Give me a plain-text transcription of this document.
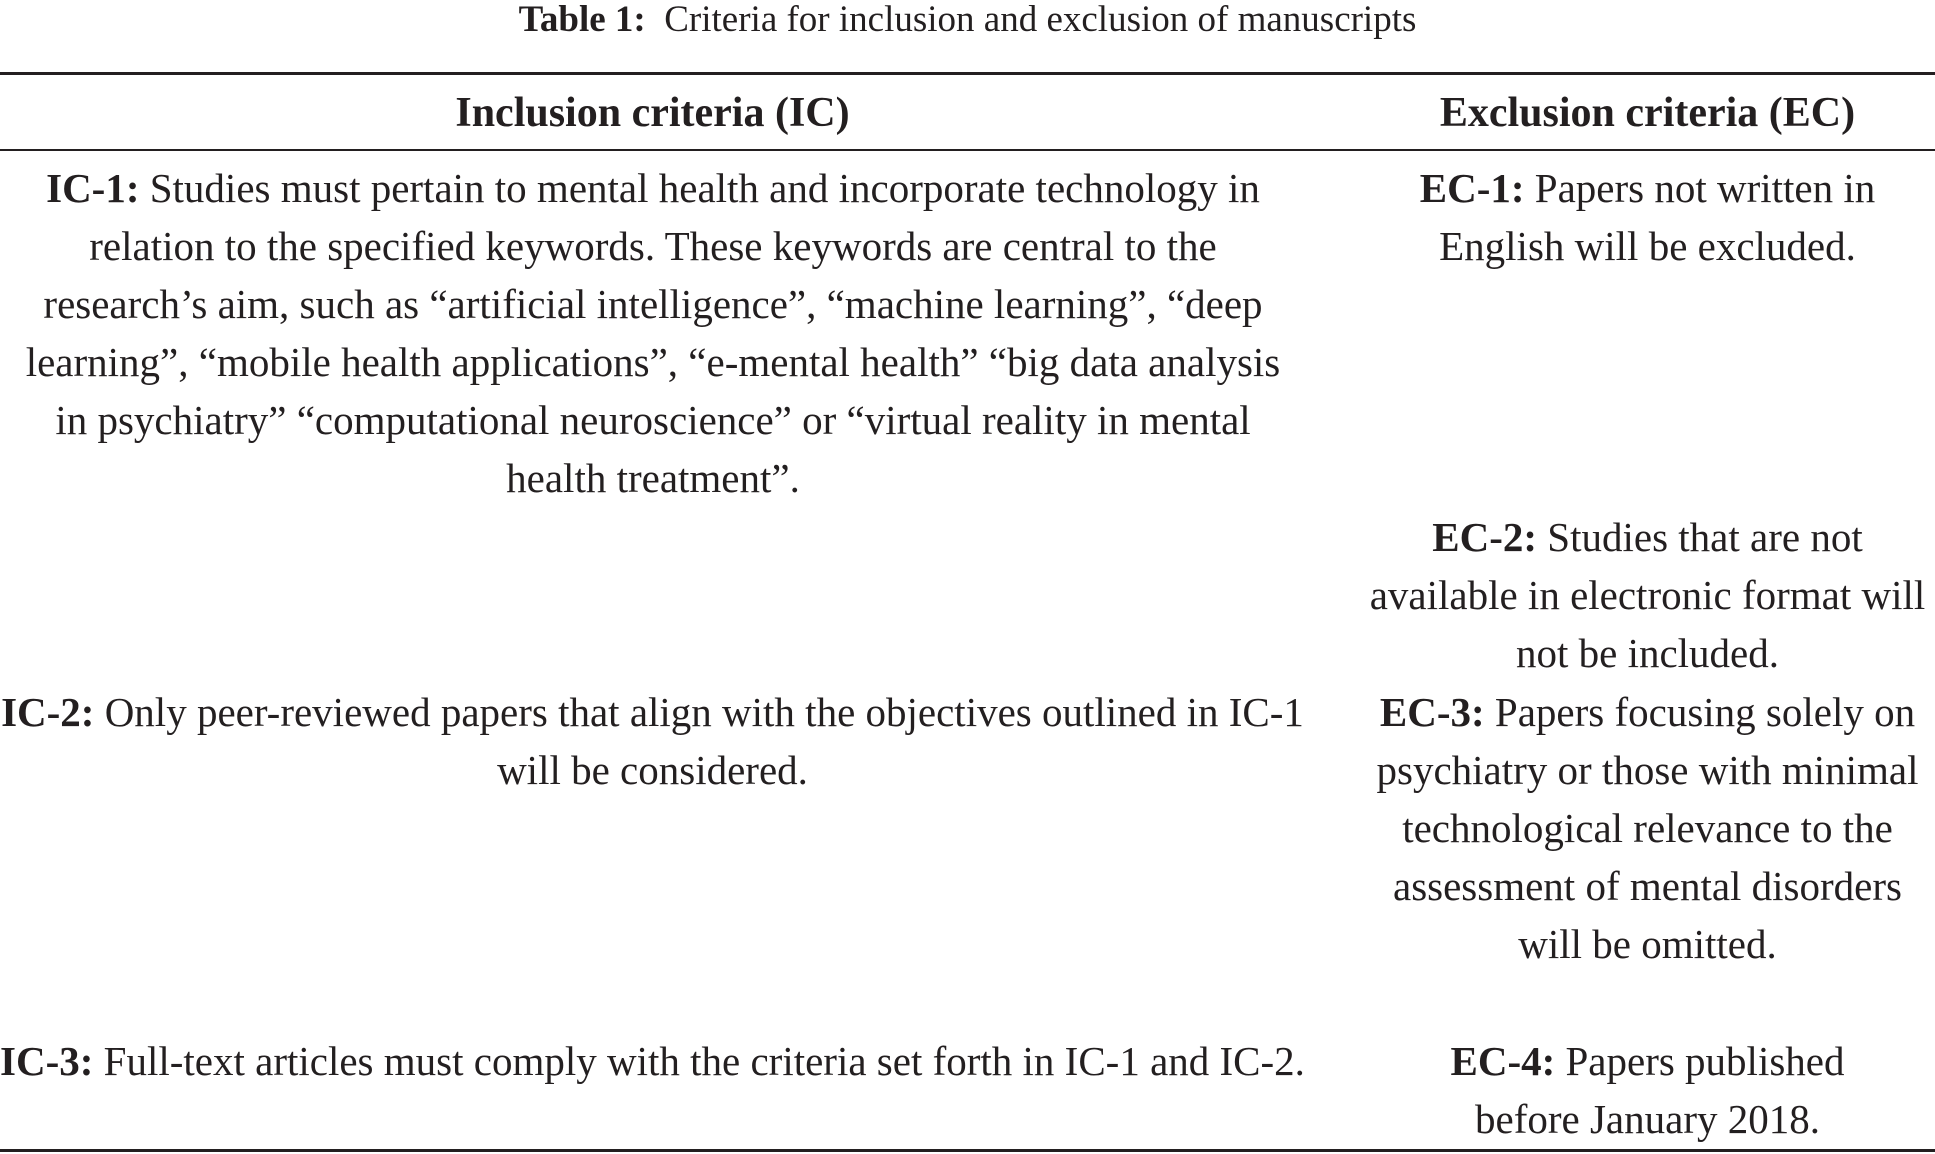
Table 1: Criteria for inclusion and exclusion of manuscripts
Inclusion criteria (IC)	Exclusion criteria (EC)
IC-1: Studies must pertain to mental health and incorporate technology in relation to the specified keywords. These keywords are central to the research’s aim, such as “artificial intelligence”, “machine learning”, “deep learning”, “mobile health applications”, “e-mental health” “big data analysis in psychiatry” “computational neuroscience” or “virtual reality in mental health treatment”.
IC-2: Only peer-reviewed papers that align with the objectives outlined in IC-1 will be considered.
IC-3: Full-text articles must comply with the criteria set forth in IC-1 and IC-2.
EC-1: Papers not written in English will be excluded.
EC-2: Studies that are not available in electronic format will not be included.
EC-3: Papers focusing solely on psychiatry or those with minimal technological relevance to the assessment of mental disorders will be omitted.
EC-4: Papers published before January 2018.
